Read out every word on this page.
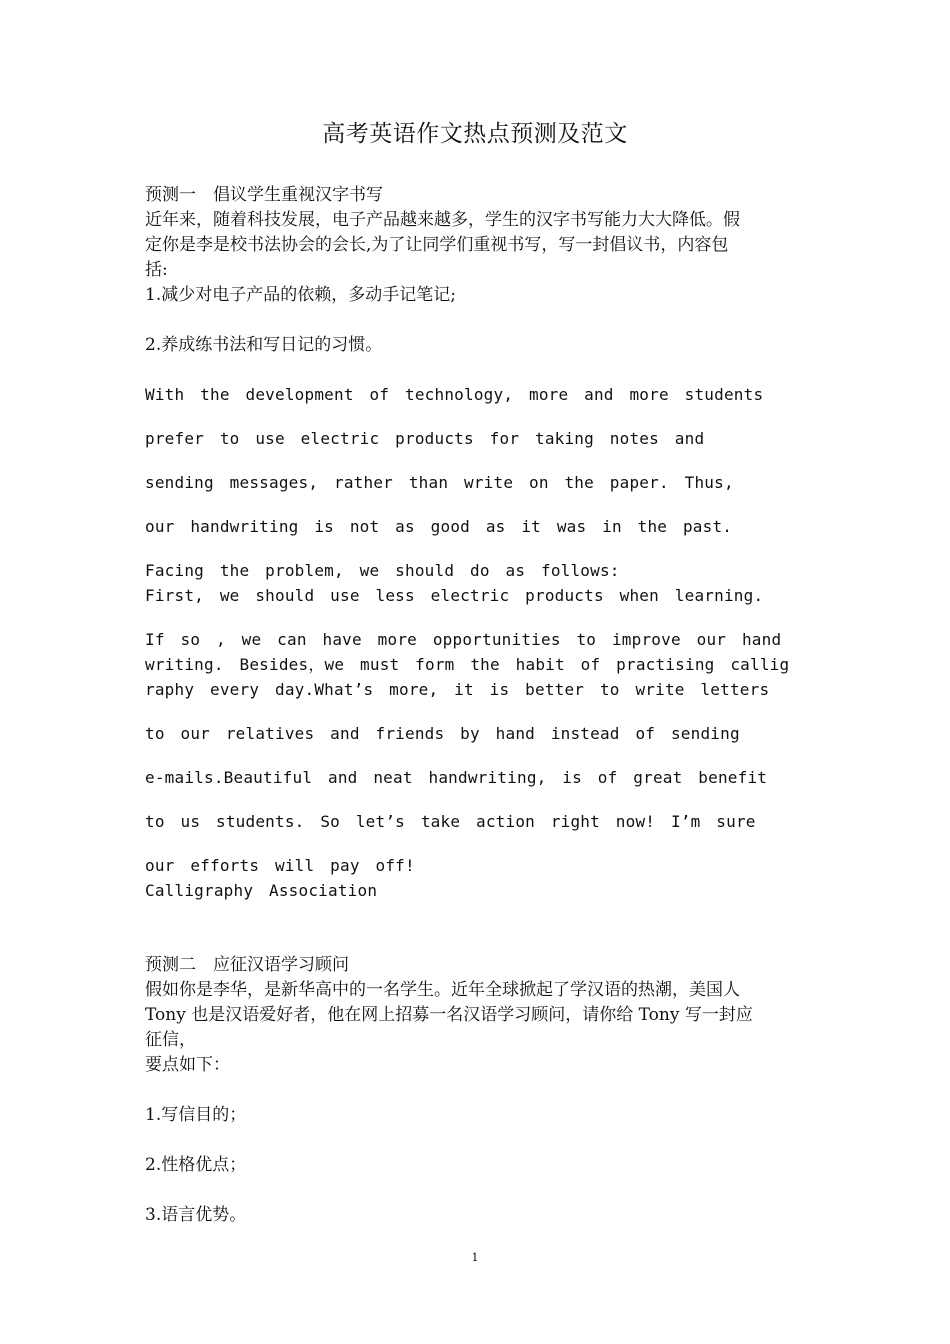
高考英语作文热点预测及范文
预测一　倡议学生重视汉字书写
近年来，随着科技发展，电子产品越来越多，学生的汉字书写能力大大降低。假
定你是李是校书法协会的会长,为了让同学们重视书写，写一封倡议书，内容包
括:
1.减少对电子产品的依赖，多动手记笔记;
2.养成练书法和写日记的习惯。
With the development of technology, more and more students
prefer to use electric products for taking notes and
sending messages, rather than write on the paper. Thus,
our handwriting is not as good as it was in the past.
Facing the problem, we should do as follows:
First, we should use less electric products when learning.
If so , we can have more opportunities to improve our hand
writing. Besides，we must form the habit of practising callig
raphy every day.What’s more, it is better to write letters
to our relatives and friends by hand instead of sending
e-mails.Beautiful and neat handwriting, is of great benefit
to us students. So let’s take action right now! I’m sure
our efforts will pay off!
Calligraphy Association
预测二　应征汉语学习顾问
假如你是李华，是新华高中的一名学生。近年全球掀起了学汉语的热潮，美国人
Tony 也是汉语爱好者，他在网上招募一名汉语学习顾问，请你给 Tony 写一封应
征信，
要点如下：
1.写信目的；
2.性格优点；
3.语言优势。
1
